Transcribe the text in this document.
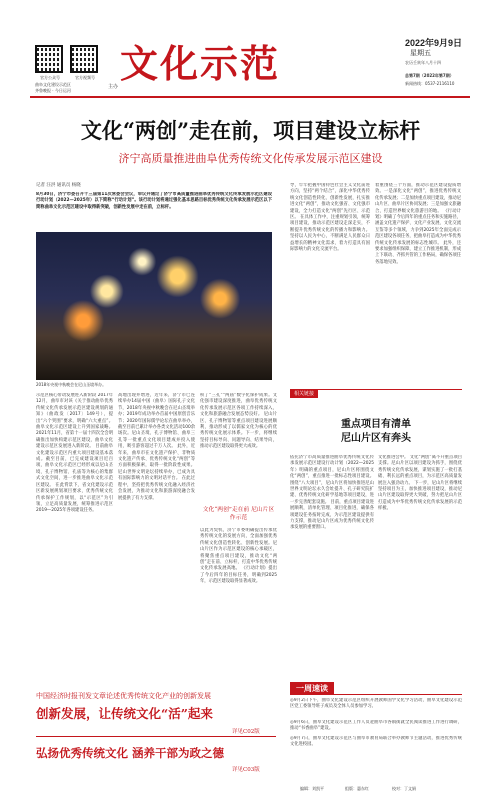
官方公众号	官方视频号
曲阜文化建设示范区
齐鲁晚报 · 今日运河
主办
文化示范	2022年9月9日
星期五
农历壬寅年八月十四
总第7期（2022年第7期）
新闻热线：0537-2116110
文化“两创”走在前，项目建设立标杆
济宁高质量推进曲阜优秀传统文化传承发展示范区建设
记者 汪洪 通讯员 杨晓
8月30日，济宁市委召开十三届第11次常委会会议，审议并通过了济宁市高质量推进曲阜优秀传统文化传承发展示范区建设行动计划（2022—2025年）以下简称“行动计划”。该行动计划将通过强化基本思路目标优秀传统文化传承发展示范区以下简称曲阜文化示范区建设中取得新突破，创新性发展中走在前，立标杆。
2018年央视中秋晚会在尼山圣境举办。
示范区核心带动发展进入新阶段 2017年12月，曲阜市对该《关于推动曲阜优秀传统文化传承发展示范区建设规划的通知》（曲政发〔2017〕149号），提出“六个突围”要求，明确“六大重点”。曲阜文化示范区建设上升到国家战略。2021年11月，省第十一届十四次全会明确推出加快构建示范区建设，曲阜文化建设示范区发展进入新阶段。 目前曲阜文化建设示范区内重大项目建设基本落成。截至目前，已完成建设项目近百项，曲阜文化示范区已经形成以尼山圣境、孔子博物馆、孔庙等为核心的集群式文化空间，进一步推进曲阜文化示范区建设。 在此背景下，省文化建设示范区新发展规划项目要求，优秀传统文化传承保护工作规划，以“示范区”为引领，立足高质量发展，统筹推进示范区2019—2025年各项建设任务。
高地出现并增进，近年来，济宁市已连续举办14届中国（曲阜）国际孔子文化节，2018年央视中秋晚会在尼山圣境举办；2019年成功举办首届中国原创音乐节；2020年国际儒学论坛在曲阜举办，截至目前已累计举办各类文化活动100余场次。尼山圣境、孔子博物馆、曲阜三孔等一批重点文化项目建成并投入使用，吸引游客超过千万人次。 此外，近年来，曲阜市在文化遗产保护、非物质文化遗产传承、优秀传统文化“两创”等方面积极探索，取得一批阶段性成果。尼山世界文明论坛持续举办，已成为具有国际影响力的文明对话平台。 在此过程中，坚持把优秀传统文化融入经济社会发展，为推动文化和旅游深度融合发展提供了有力支撑。
积了“三孔”“两庙”数字化保护成果。文化强市建设深度推进，曲阜优秀传统文化传承发展示范区各项工作持续深入，文化和旅游融合发展态势良好。 尼山片区、孔子博物馆等重点项目建设进展顺利，推动形成了以儒家文化为核心的优秀传统文化展示体系。下一步，将继续坚持目标导向、问题导向、结果导向，推动示范区建设取得更大成效。
文化“两创”走在前 尼山片区作示范
以此为契机，济宁市委明确提出传承优秀传统文化的发展方向，全面加强优秀传统文化创造性转化、创新性发展。尼山片区作为示范区建设的核心承载区，将聚焦重点项目建设，推动文化“两创”走在前、立标杆，打造中华优秀传统文化传承发展高地。 《行动计划》提出了今后四年的目标任务，明确到2025年，示范区建设取得显著成效。
导，牢牢把握中国特色社会主义文化前进方向，坚持“两个结合”，深化中华优秀传统文化创造性转化、创新性发展，扎实推进文化“两创”，推动文化强省、文化强市建设，全力打造文化“两创”先行区、示范区。 在具体工作中，注重规划引领，统筹项目建设，推动示范区建设走深走实，不断提升优秀传统文化的传播力和影响力。坚持以人民为中心，不断满足人民群众日益增长的精神文化需求，着力打造具有国际影响力的文化交流平台。
着重围绕三个方面，推动示范区建设提质增效。一是深化文化“两创”，推进优秀传统文化传承发展；二是加快重点项目建设，推动尼山片区、曲阜片区协同发展；三是加强文旅融合，打造世界级文化旅游目的地。 《行动计划》明确了今后四年的重点任务和实施路径，涵盖文化遗产保护、文化产业发展、文化交流互鉴等多个领域，力争到2025年全面完成示范区建设各项任务，把曲阜打造成为中华优秀传统文化传承发展的标志性城市。 此外，还要求加强组织保障，建立工作推进机制，形成上下联动、齐抓共管的工作格局，确保各项任务落地见效。
相关链接
重点项目有清单
尼山片区有奔头
依托济宁市高质量推进曲阜优秀传统文化传承发展示范区建设行动计划（2022—2025年）明确的重点项目，尼山片区将围绕文化“两创”，重点推进一批标志性项目建设。 围绕“八大项目”，尼山片区将加快推进尼山世界文明论坛永久会址提升、孔子研究院扩建、优秀传统文化研学基地等项目建设，进一步完善配套设施。 目前，重点项目建设进展顺利，清单化管理、项目化推进，确保各项建设任务按时完成，为示范区建设提供有力支撑，推动尼山片区成为优秀传统文化传承发展的重要窗口。
文化推进会中。 文化“两创”离不开重点项目支撑。尼山片区以项目建设为抓手，围绕优秀传统文化传承发展，谋划实施了一批打基础、利长远的重点项目，为示范区高质量发展注入强劲动力。 下一步，尼山片区将继续坚持项目为王，加快推进项目建设，推动尼山片区建设取得更大突破，努力把尼山片区打造成为中华优秀传统文化传承发展的示范样板。
中国经济时报刊发文章论述优秀传统文化产业的创新发展
创新发展，让传统文化“活”起来
详见C02版
弘扬优秀传统文化 涵养干部为政之德
详见C03版
一周速读
◎9月2日下午，曲阜文化建设示范区组织开展教师国学文化学习活动，曲阜文化建设示范区党工委领导班子成员及全体人员参加学习。
◎9月6日，曲阜文化建设示范区工作人员赴曲阜市各镇街就全民阅读推进工作进行调研，推动“书香曲阜”建设。
◎9月7日，曲阜文化建设示范区与曲阜市教育局联合举办教师节主题活动，推进优秀传统文化进校园。
编辑：刘凯平	组版：惠东红	校对：丁文娟
